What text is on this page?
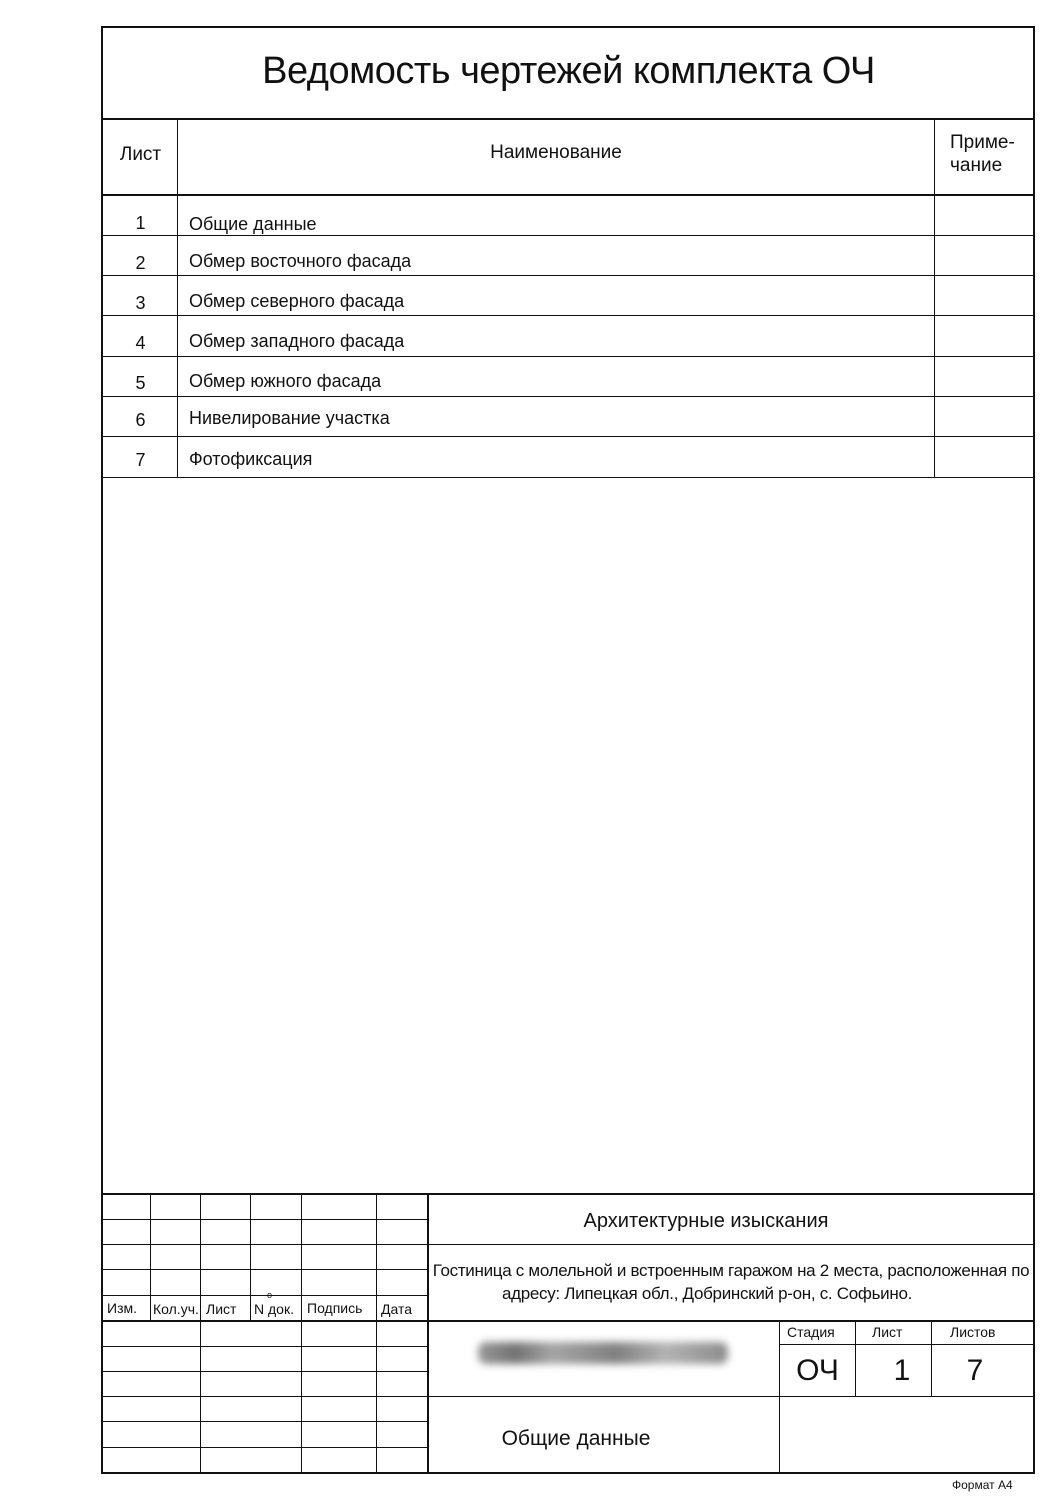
Ведомость чертежей комплекта ОЧ
Лист	Наименование	Приме-
чание
1	Общие данные
2	Обмер восточного фасада
3	Обмер северного фасада
4	Обмер западного фасада
5	Обмер южного фасада
6	Нивелирование участка
7	Фотофиксация
Изм. Кол.уч. Лист N док.
o
Подпись Дата
Архитектурные изыскания
Гостиница с молельной и встроенным гаражом на 2 места, расположенная по
адресу: Липецкая обл., Добринский р-он, с. Софьино.
Стадия	Лист	Листов
ОЧ	1	7
Общие данные
Формат А4
